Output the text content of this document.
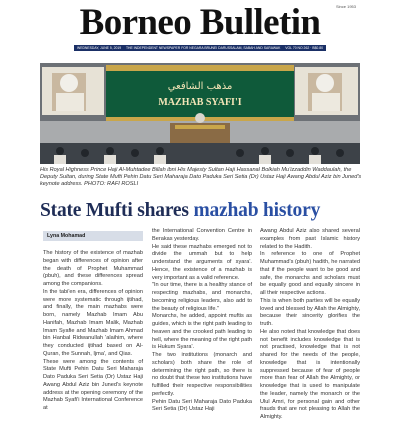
Since 1953
Borneo Bulletin
WEDNESDAY, JUNE 5, 2019 THE INDEPENDENT NEWSPAPER FOR NEGARA BRUNEI DARUSSALAM, SABAH AND SARAWAK VOL 70 NO 262 · B$0.80
مذهب الشافعي
MAZHAB SYAFI'I
His Royal Highness Prince Haji Al-Muhtadee Billah ibni His Majesty Sultan Haji Hassanal Bolkiah Mu'izzaddin Waddaulah, the Deputy Sultan, during State Mufti Pehin Datu Seri Maharaja Dato Paduka Seri Setia (Dr) Ustaz Haji Awang Abdul Aziz bin Juned's keynote address. PHOTO: RAFI ROSLI
State Mufti shares mazhab history
Lyna Mohamad

The history of the existence of mazhab began with differences of opinion after the death of Prophet Muhammad (pbuh), and these differences spread among the companions.

In the tabi'en era, differences of opinion were more systematic through ijtihad, and finally, the main mazhabs were born, namely Mazhab Imam Abu Hanifah, Mazhab Imam Malik, Mazhab Imam Syafie and Mazhab Imam Ahmad bin Hanbal Ridwanullah 'alaihim, where they conducted ijtihad based on Al-Quran, the Sunnah, Ijma', and Qias.

These were among the contents of State Mufti Pehin Datu Seri Maharaja Dato Paduka Seri Setia (Dr) Ustaz Haji Awang Abdul Aziz bin Juned's keynote address at the opening ceremony of the Mazhab Syafi'i International Conference at

the International Convention Centre in Berakas yesterday.

He said these mazhabs emerged not to divide the ummah but to help understand the arguments of syara'. Hence, the existence of a mazhab is very important as a valid reference.

"In our time, there is a healthy stance of respecting mazhabs, and monarchs, becoming religious leaders, also add to the beauty of religious life."

Monarchs, he added, appoint muftis as guides, which is the right path leading to heaven and the crooked path leading to hell, where the meaning of the right path is Hukum Syara'.

The two institutions (monarch and scholars) both share the role of determining the right path, so there is no doubt that these two institutions have fulfilled their respective responsibilities perfectly.

Pehin Datu Seri Maharaja Dato Paduka Seri Setia (Dr) Ustaz Haji

Awang Abdul Aziz also shared several examples from past Islamic history related to the Hadith.

In reference to one of Prophet Muhammad's (pbuh) hadith, he narrated that if the people want to be good and safe, the monarchs and scholars must be equally good and equally sincere in all their respective actions.

This is when both parties will be equally loved and blessed by Allah the Almighty, because their sincerity glorifies the truth.

He also noted that knowledge that does not benefit includes knowledge that is not practised, knowledge that is not shared for the needs of the people, knowledge that is intentionally suppressed because of fear of people more than fear of Allah the Almighty, or knowledge that is used to manipulate the leader, namely the monarch or the Ulul Amri, for personal gain and other frauds that are not pleasing to Allah the Almighty.
